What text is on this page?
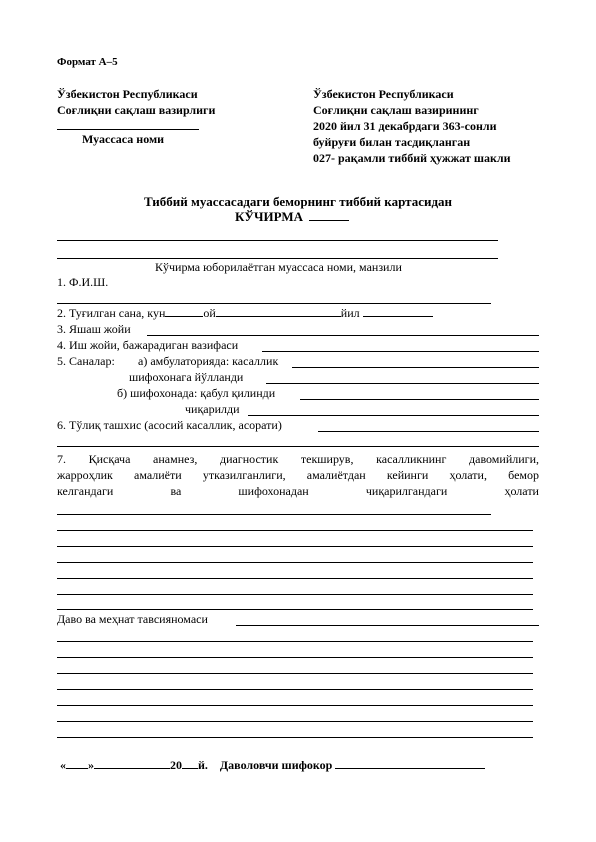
Формат А–5
Ўзбекистон Республикаси
Соғлиқни сақлаш вазирлиги
Муассаса номи
Ўзбекистон Республикаси
Соғлиқни сақлаш вазирининг
2020 йил 31 декабрдаги 363-сонли
буйруғи билан тасдиқланган
027- рақамли тиббий ҳужжат шакли
Тиббий муассасадаги беморнинг тиббий картасидан
КЎЧИРМА
Кўчирма юборилаётган муассаса номи, манзили
1. Ф.И.Ш.
2. Туғилган сана, кун	ой	йил
3. Яшаш жойи
4. Иш жойи, бажарадиган вазифаси
5. Саналар: а) амбулаторияда: касаллик
шифохонага йўлланди
б) шифохонада: қабул қилинди
чиқарилди
6. Тўлиқ ташхис (асосий касаллик, асорати)
7. Қисқача анамнез, диагностик текширув, касалликнинг давомийлиги,
жарроҳлик амалиёти утказилганлиги, амалиётдан кейинги ҳолати, бемор
келгандаги	ва	шифохонадан	чиқарилгандаги	ҳолати
Даво ва меҳнат тавсияномаси
« »	20 й. Даволовчи шифокор
